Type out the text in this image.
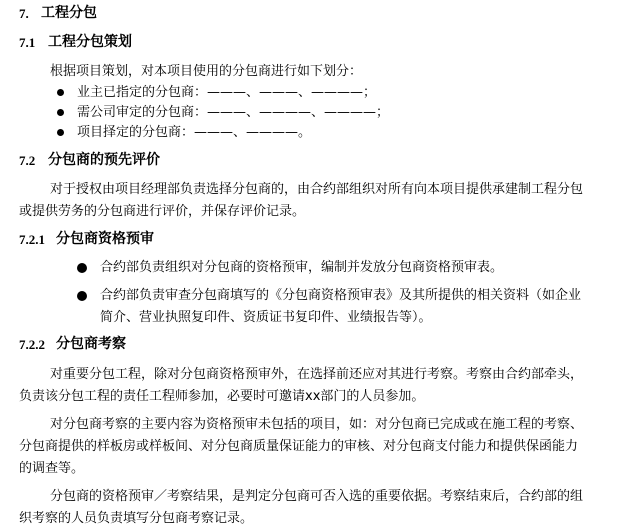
7. 工程分包
7.1 工程分包策划
根据项目策划，对本项目使用的分包商进行如下划分：
业主已指定的分包商：———、———、————；
需公司审定的分包商：———、————、————；
项目择定的分包商：———、————。
7.2 分包商的预先评价
对于授权由项目经理部负责选择分包商的，由合约部组织对所有向本项目提供承建制工程分包
或提供劳务的分包商进行评价，并保存评价记录。
7.2.1 分包商资格预审
合约部负责组织对分包商的资格预审，编制并发放分包商资格预审表。
合约部负责审查分包商填写的《分包商资格预审表》及其所提供的相关资料（如企业
简介、营业执照复印件、资质证书复印件、业绩报告等）。
7.2.2 分包商考察
对重要分包工程，除对分包商资格预审外，在选择前还应对其进行考察。考察由合约部牵头，
负责该分包工程的责任工程师参加，必要时可邀请xx部门的人员参加。
对分包商考察的主要内容为资格预审未包括的项目，如：对分包商已完成或在施工程的考察、
分包商提供的样板房或样板间、对分包商质量保证能力的审核、对分包商支付能力和提供保函能力
的调查等。
分包商的资格预审／考察结果，是判定分包商可否入选的重要依据。考察结束后，合约部的组
织考察的人员负责填写分包商考察记录。
